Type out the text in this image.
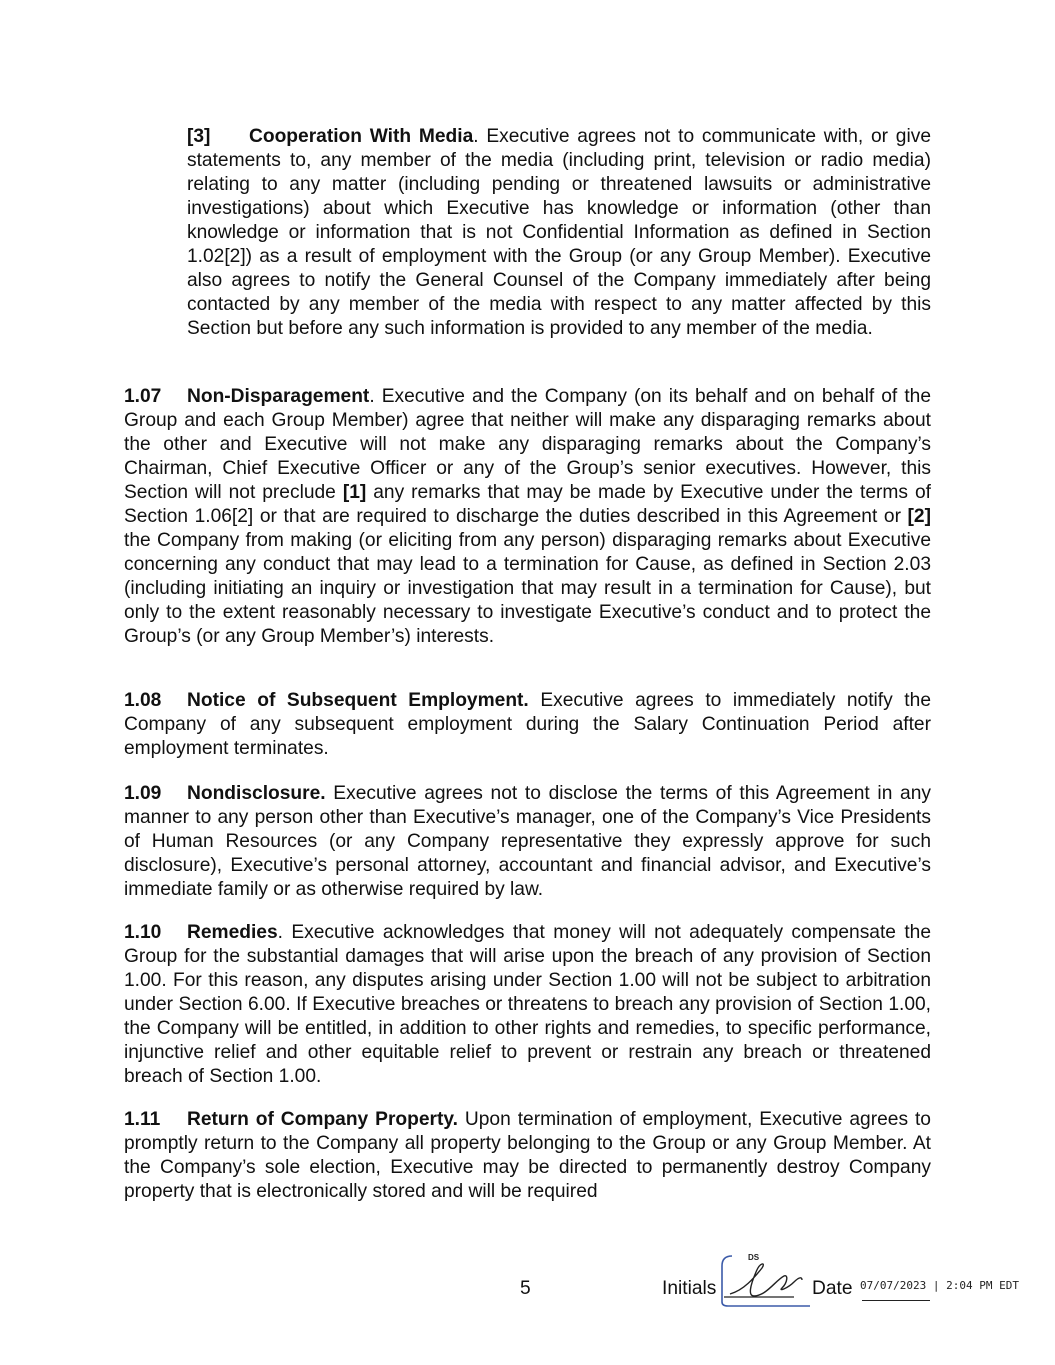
[3] Cooperation With Media. Executive agrees not to communicate with, or give statements to, any member of the media (including print, television or radio media) relating to any matter (including pending or threatened lawsuits or administrative investigations) about which Executive has knowledge or information (other than knowledge or information that is not Confidential Information as defined in Section 1.02[2]) as a result of employment with the Group (or any Group Member). Executive also agrees to notify the General Counsel of the Company immediately after being contacted by any member of the media with respect to any matter affected by this Section but before any such information is provided to any member of the media.

1.07 Non-Disparagement. Executive and the Company (on its behalf and on behalf of the Group and each Group Member) agree that neither will make any disparaging remarks about the other and Executive will not make any disparaging remarks about the Company’s Chairman, Chief Executive Officer or any of the Group’s senior executives. However, this Section will not preclude [1] any remarks that may be made by Executive under the terms of Section 1.06[2] or that are required to discharge the duties described in this Agreement or [2] the Company from making (or eliciting from any person) disparaging remarks about Executive concerning any conduct that may lead to a termination for Cause, as defined in Section 2.03 (including initiating an inquiry or investigation that may result in a termination for Cause), but only to the extent reasonably necessary to investigate Executive’s conduct and to protect the Group’s (or any Group Member’s) interests.

1.08 Notice of Subsequent Employment. Executive agrees to immediately notify the Company of any subsequent employment during the Salary Continuation Period after employment terminates.

1.09 Nondisclosure. Executive agrees not to disclose the terms of this Agreement in any manner to any person other than Executive’s manager, one of the Company’s Vice Presidents of Human Resources (or any Company representative they expressly approve for such disclosure), Executive’s personal attorney, accountant and financial advisor, and Executive’s immediate family or as otherwise required by law.

1.10 Remedies. Executive acknowledges that money will not adequately compensate the Group for the substantial damages that will arise upon the breach of any provision of Section 1.00. For this reason, any disputes arising under Section 1.00 will not be subject to arbitration under Section 6.00. If Executive breaches or threatens to breach any provision of Section 1.00, the Company will be entitled, in addition to other rights and remedies, to specific performance, injunctive relief and other equitable relief to prevent or restrain any breach or threatened breach of Section 1.00.

1.11 Return of Company Property. Upon termination of employment, Executive agrees to promptly return to the Company all property belonging to the Group or any Group Member. At the Company’s sole election, Executive may be directed to permanently destroy Company property that is electronically stored and will be required

5	Initials
DS
Date 07/07/2023 | 2:04 PM EDT
